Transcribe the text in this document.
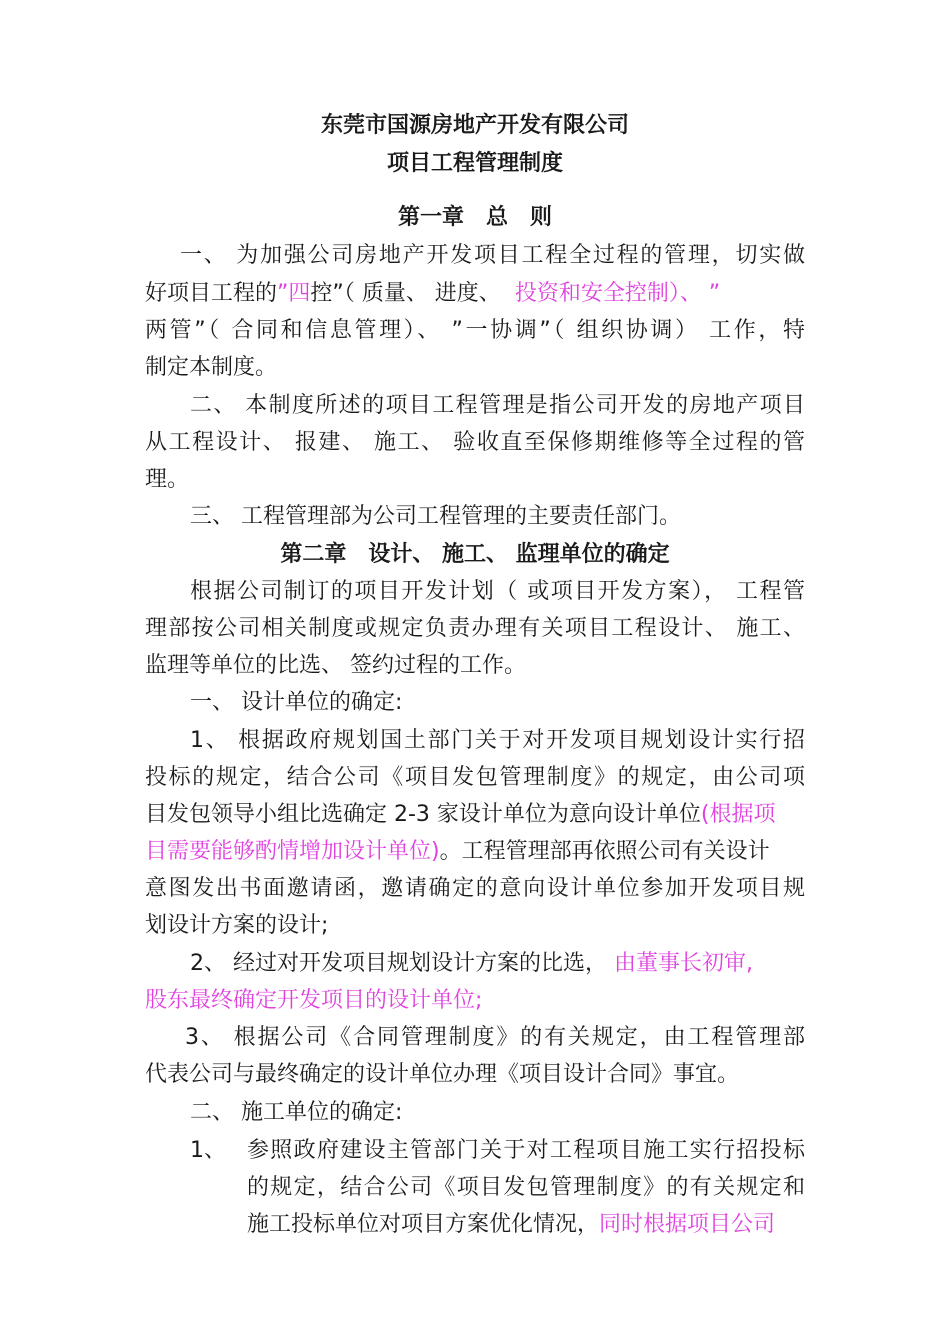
东莞市国源房地产开发有限公司
项目工程管理制度
第一章　总　则
一、 为加强公司房地产开发项目工程全过程的管理，切实做
好项目工程的”四控”（ 质量、 进度、 投资和安全控制）、 ”
两管”（ 合同和信息管理）、 ”一协调”（ 组织协调） 工作，特
制定本制度。
二、 本制度所述的项目工程管理是指公司开发的房地产项目
从工程设计、 报建、 施工、 验收直至保修期维修等全过程的管
理。
三、 工程管理部为公司工程管理的主要责任部门。
第二章　设计、 施工、 监理单位的确定
根据公司制订的项目开发计划（ 或项目开发方案）， 工程管
理部按公司相关制度或规定负责办理有关项目工程设计、 施工、
监理等单位的比选、 签约过程的工作。
一、 设计单位的确定:
1、 根据政府规划国土部门关于对开发项目规划设计实行招
投标的规定，结合公司《项目发包管理制度》的规定，由公司项
目发包领导小组比选确定 2-3 家设计单位为意向设计单位(根据项
目需要能够酌情增加设计单位)。工程管理部再依照公司有关设计
意图发出书面邀请函，邀请确定的意向设计单位参加开发项目规
划设计方案的设计;
2、 经过对开发项目规划设计方案的比选， 由董事长初审,
股东最终确定开发项目的设计单位;
3、 根据公司《合同管理制度》的有关规定，由工程管理部
代表公司与最终确定的设计单位办理《项目设计合同》事宜。
二、 施工单位的确定:
1、 参照政府建设主管部门关于对工程项目施工实行招投标
的规定，结合公司《项目发包管理制度》的有关规定和
施工投标单位对项目方案优化情况，同时根据项目公司
